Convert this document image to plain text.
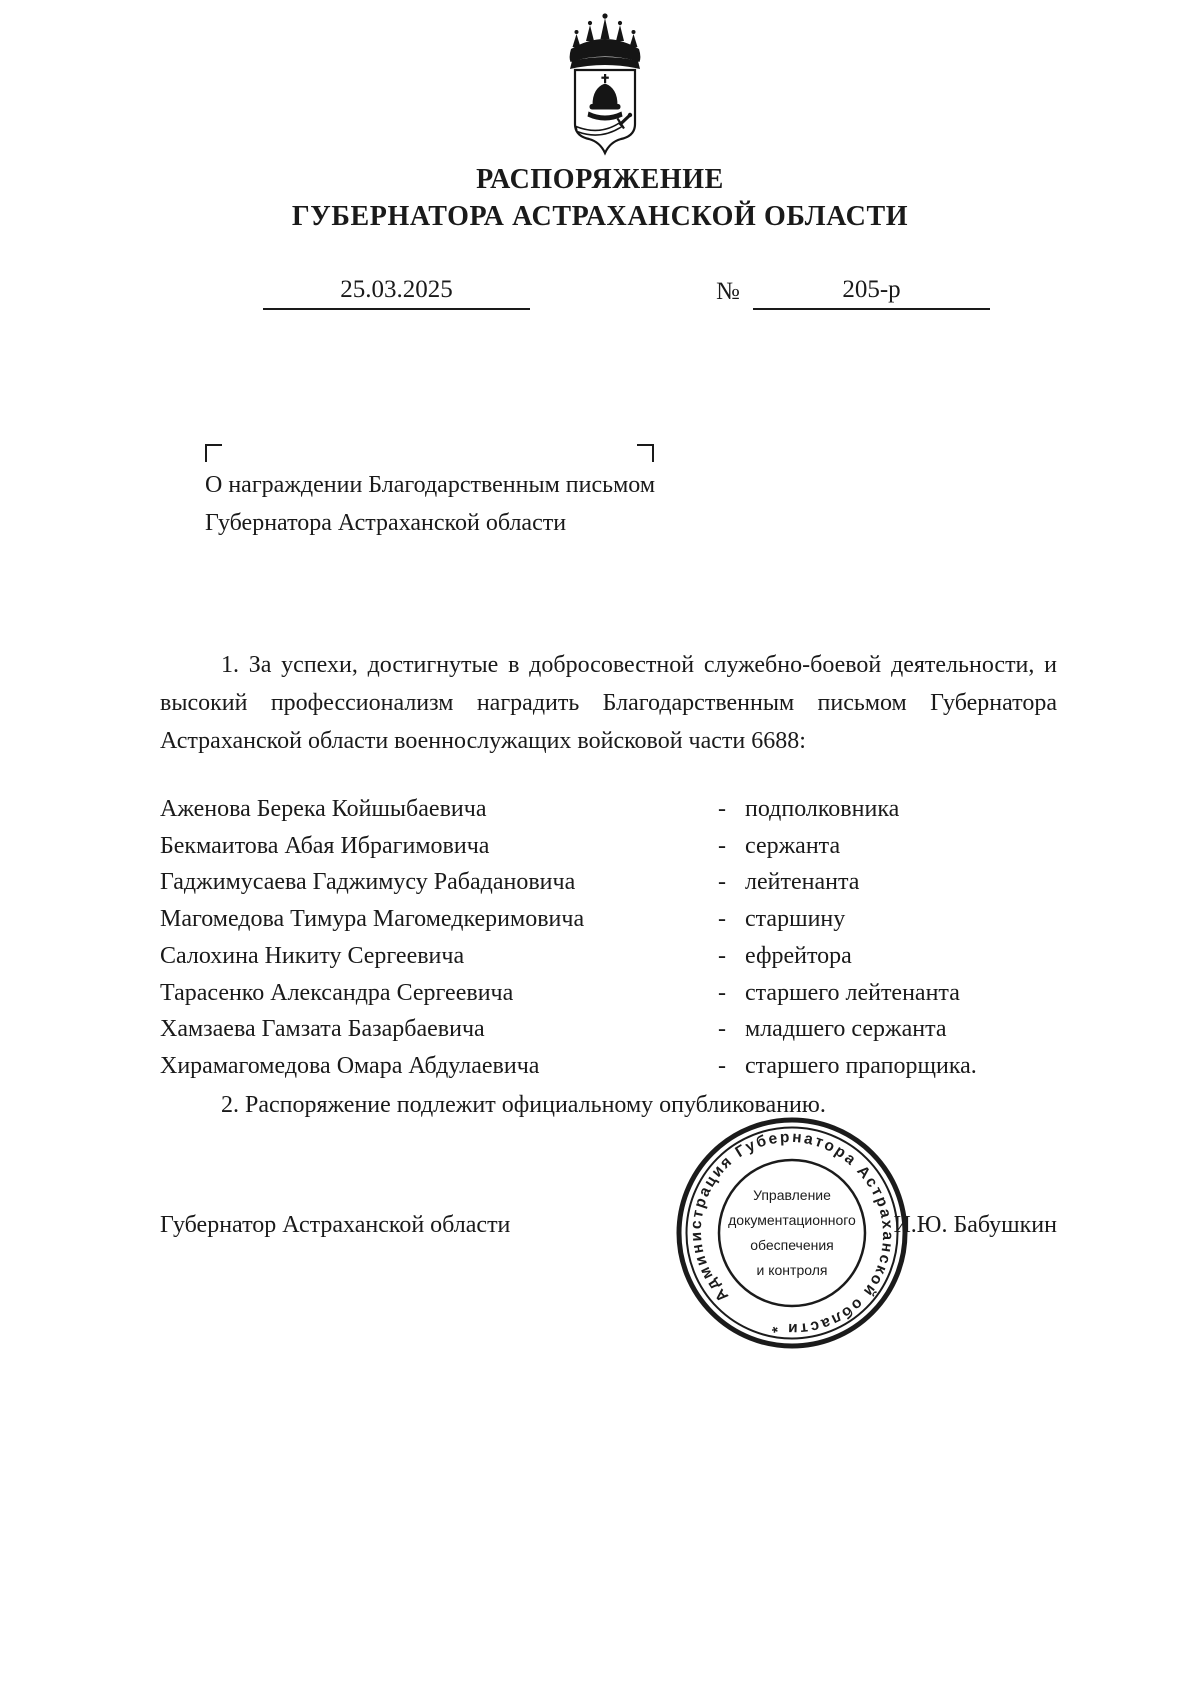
РАСПОРЯЖЕНИЕ
ГУБЕРНАТОРА АСТРАХАНСКОЙ ОБЛАСТИ
25.03.2025	№	205-р
О награждении Благодарственным письмом Губернатора Астраханской области
1. За успехи, достигнутые в добросовестной служебно-боевой деятельности, и высокий профессионализм наградить Благодарственным письмом Губернатора Астраханской области военнослужащих войсковой части 6688:
Аженова Берека Койшыбаевича	- подполковника
Бекмаитова Абая Ибрагимовича	- сержанта
Гаджимусаева Гаджимусу Рабадановича	- лейтенанта
Магомедова Тимура Магомедкеримовича	- старшину
Салохина Никиту Сергеевича	- ефрейтора
Тарасенко Александра Сергеевича	- старшего лейтенанта
Хамзаева Гамзата Базарбаевича	- младшего сержанта
Хирамагомедова Омара Абдулаевича	- старшего прапорщика.
2. Распоряжение подлежит официальному опубликованию.
Губернатор Астраханской области	И.Ю. Бабушкин
Администрация Губернатора Астраханской области *
Управление
документационного
обеспечения
и контроля
